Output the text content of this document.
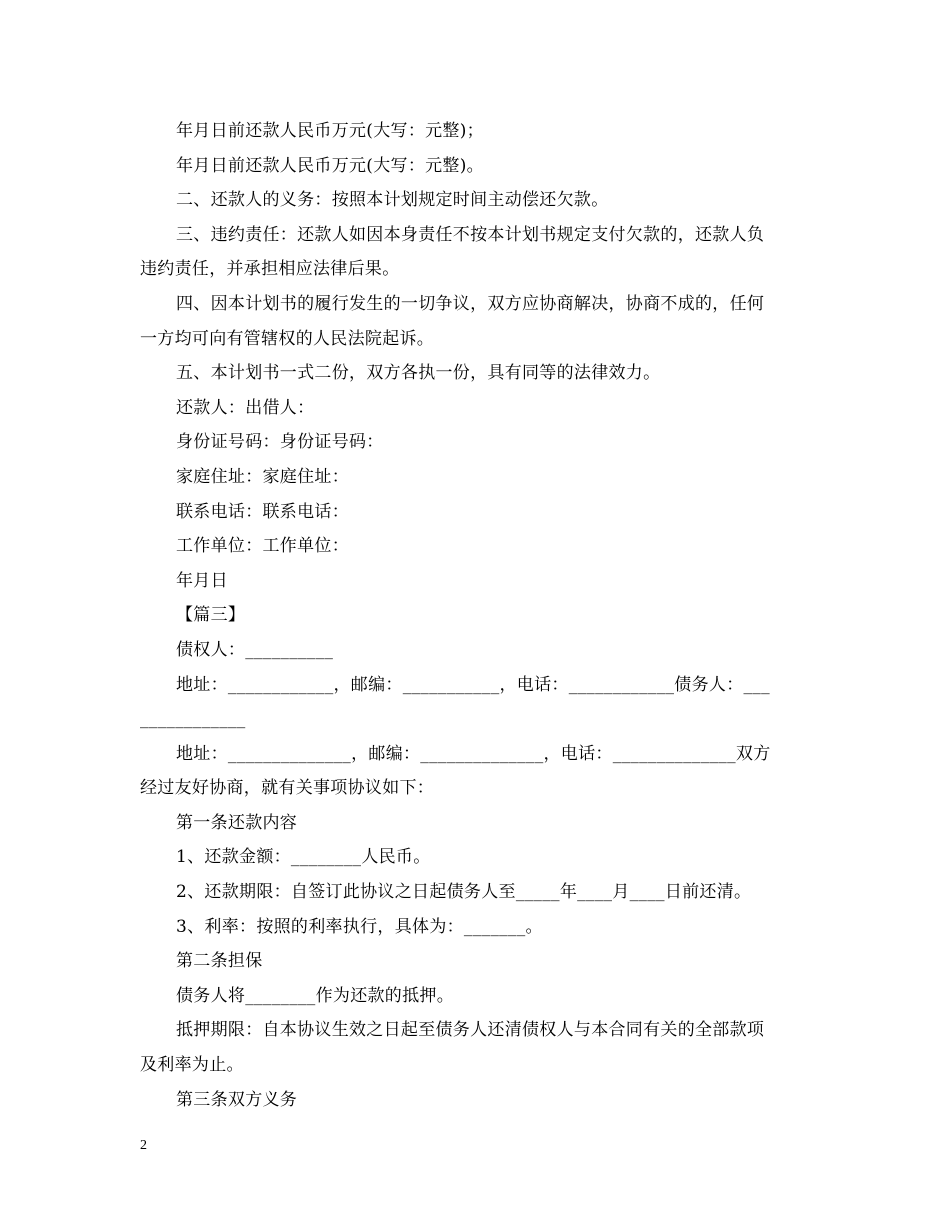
年月日前还款人民币万元(大写：元整)；
年月日前还款人民币万元(大写：元整)。
二、还款人的义务：按照本计划规定时间主动偿还欠款。
三、违约责任：还款人如因本身责任不按本计划书规定支付欠款的，还款人负
违约责任，并承担相应法律后果。
四、因本计划书的履行发生的一切争议，双方应协商解决，协商不成的，任何
一方均可向有管辖权的人民法院起诉。
五、本计划书一式二份，双方各执一份，具有同等的法律效力。
还款人：出借人：
身份证号码：身份证号码：
家庭住址：家庭住址：
联系电话：联系电话：
工作单位：工作单位：
年月日
【篇三】
债权人：__________
地址：____________，邮编：___________，电话：____________债务人：___
____________
地址：______________，邮编：______________，电话：______________双方
经过友好协商，就有关事项协议如下：
第一条还款内容
1、还款金额：________人民币。
2、还款期限：自签订此协议之日起债务人至_____年____月____日前还清。
3、利率：按照的利率执行，具体为：_______。
第二条担保
债务人将________作为还款的抵押。
抵押期限：自本协议生效之日起至债务人还清债权人与本合同有关的全部款项
及利率为止。
第三条双方义务
2
